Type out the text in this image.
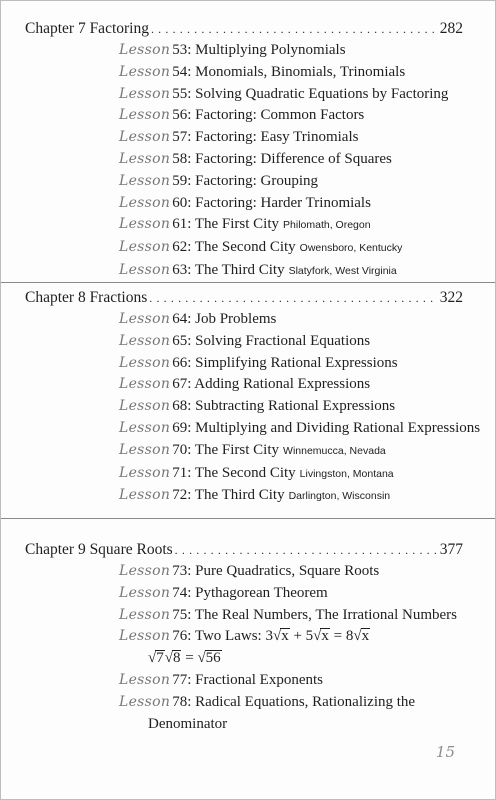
Chapter 7 Factoring . . .	282
Lesson 53: Multiplying Polynomials
Lesson 54: Monomials, Binomials, Trinomials
Lesson 55: Solving Quadratic Equations by Factoring
Lesson 56: Factoring: Common Factors
Lesson 57: Factoring: Easy Trinomials
Lesson 58: Factoring: Difference of Squares
Lesson 59: Factoring: Grouping
Lesson 60: Factoring: Harder Trinomials
Lesson 61: The First City Philomath, Oregon
Lesson 62: The Second City Owensboro, Kentucky
Lesson 63: The Third City Slatyfork, West Virginia
Chapter 8 Fractions . . .	322
Lesson 64: Job Problems
Lesson 65: Solving Fractional Equations
Lesson 66: Simplifying Rational Expressions
Lesson 67: Adding Rational Expressions
Lesson 68: Subtracting Rational Expressions
Lesson 69: Multiplying and Dividing Rational Expressions
Lesson 70: The First City Winnemucca, Nevada
Lesson 71: The Second City Livingston, Montana
Lesson 72: The Third City Darlington, Wisconsin
Chapter 9 Square Roots . . .	377
Lesson 73: Pure Quadratics, Square Roots
Lesson 74: Pythagorean Theorem
Lesson 75: The Real Numbers, The Irrational Numbers
Lesson 76: Two Laws: 3√x + 5√x = 8√x
√7√8 = √56
Lesson 77: Fractional Exponents
Lesson 78: Radical Equations, Rationalizing the
Denominator
15
